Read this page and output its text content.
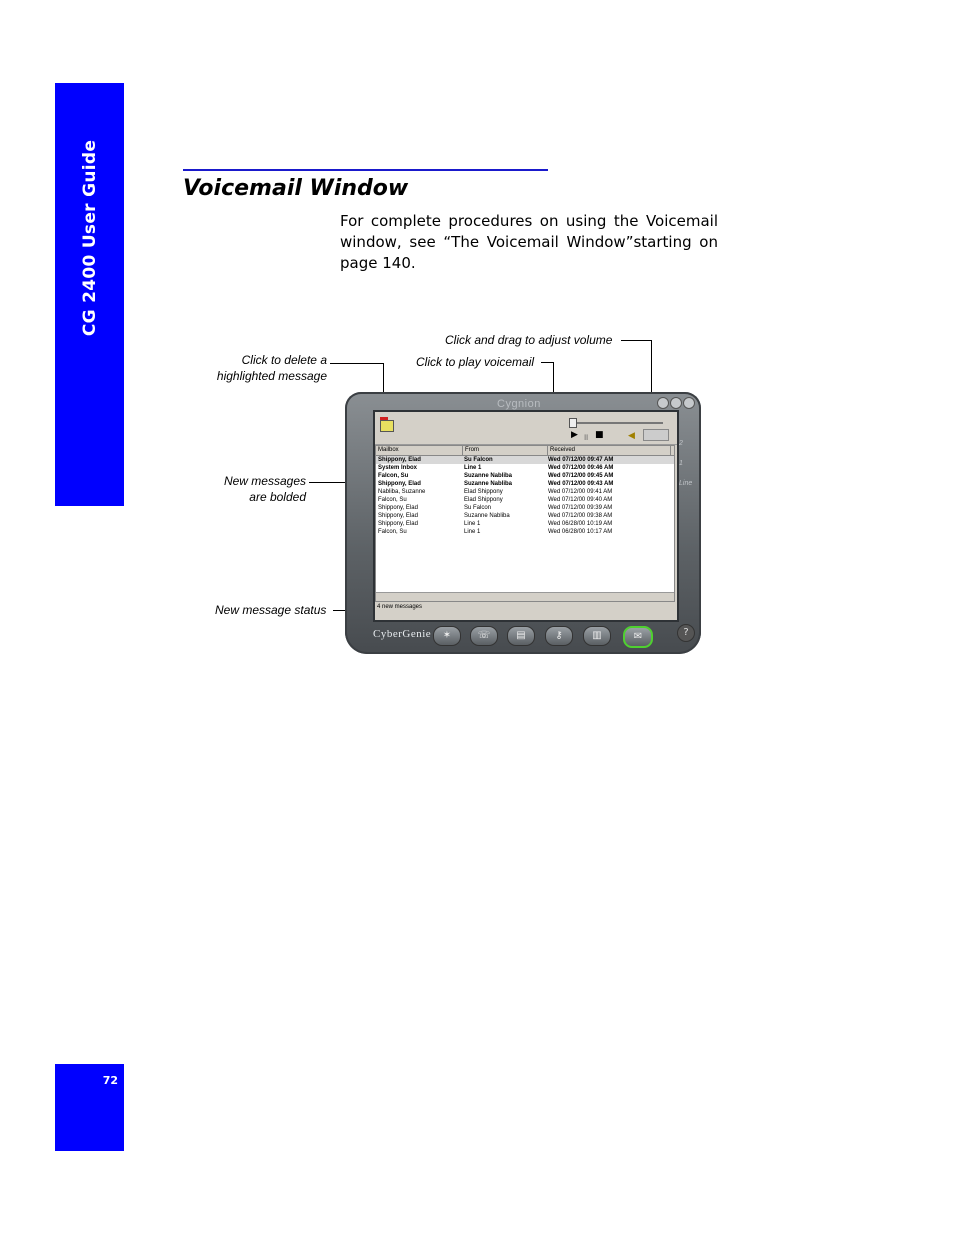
CG 2400 User Guide
72
Voicemail Window

For complete procedures on using the Voicemail window, see “The Voicemail Window”starting on page 140.

Click and drag to adjust volume
Click to play voicemail
Click to delete a
highlighted message
New messages
are bolded
New message status
Cygnion
▶ ॥ ■	◀
Mailbox	From	Received
Shippony, Elad	Su Falcon	Wed 07/12/00 09:47 AM
System Inbox	Line 1	Wed 07/12/00 09:46 AM
Falcon, Su	Suzanne Nabliba	Wed 07/12/00 09:45 AM
Shippony, Elad	Suzanne Nabliba	Wed 07/12/00 09:43 AM
Nabliba, Suzanne	Elad Shippony	Wed 07/12/00 09:41 AM
Falcon, Su	Elad Shippony	Wed 07/12/00 09:40 AM
Shippony, Elad	Su Falcon	Wed 07/12/00 09:39 AM
Shippony, Elad	Suzanne Nabliba	Wed 07/12/00 09:38 AM
Shippony, Elad	Line 1	Wed 06/28/00 10:19 AM
Falcon, Su	Line 1	Wed 06/28/00 10:17 AM
4 new messages
2
1
Line
CyberGenie	✶	☏	▤	⚷	▥	✉	?
